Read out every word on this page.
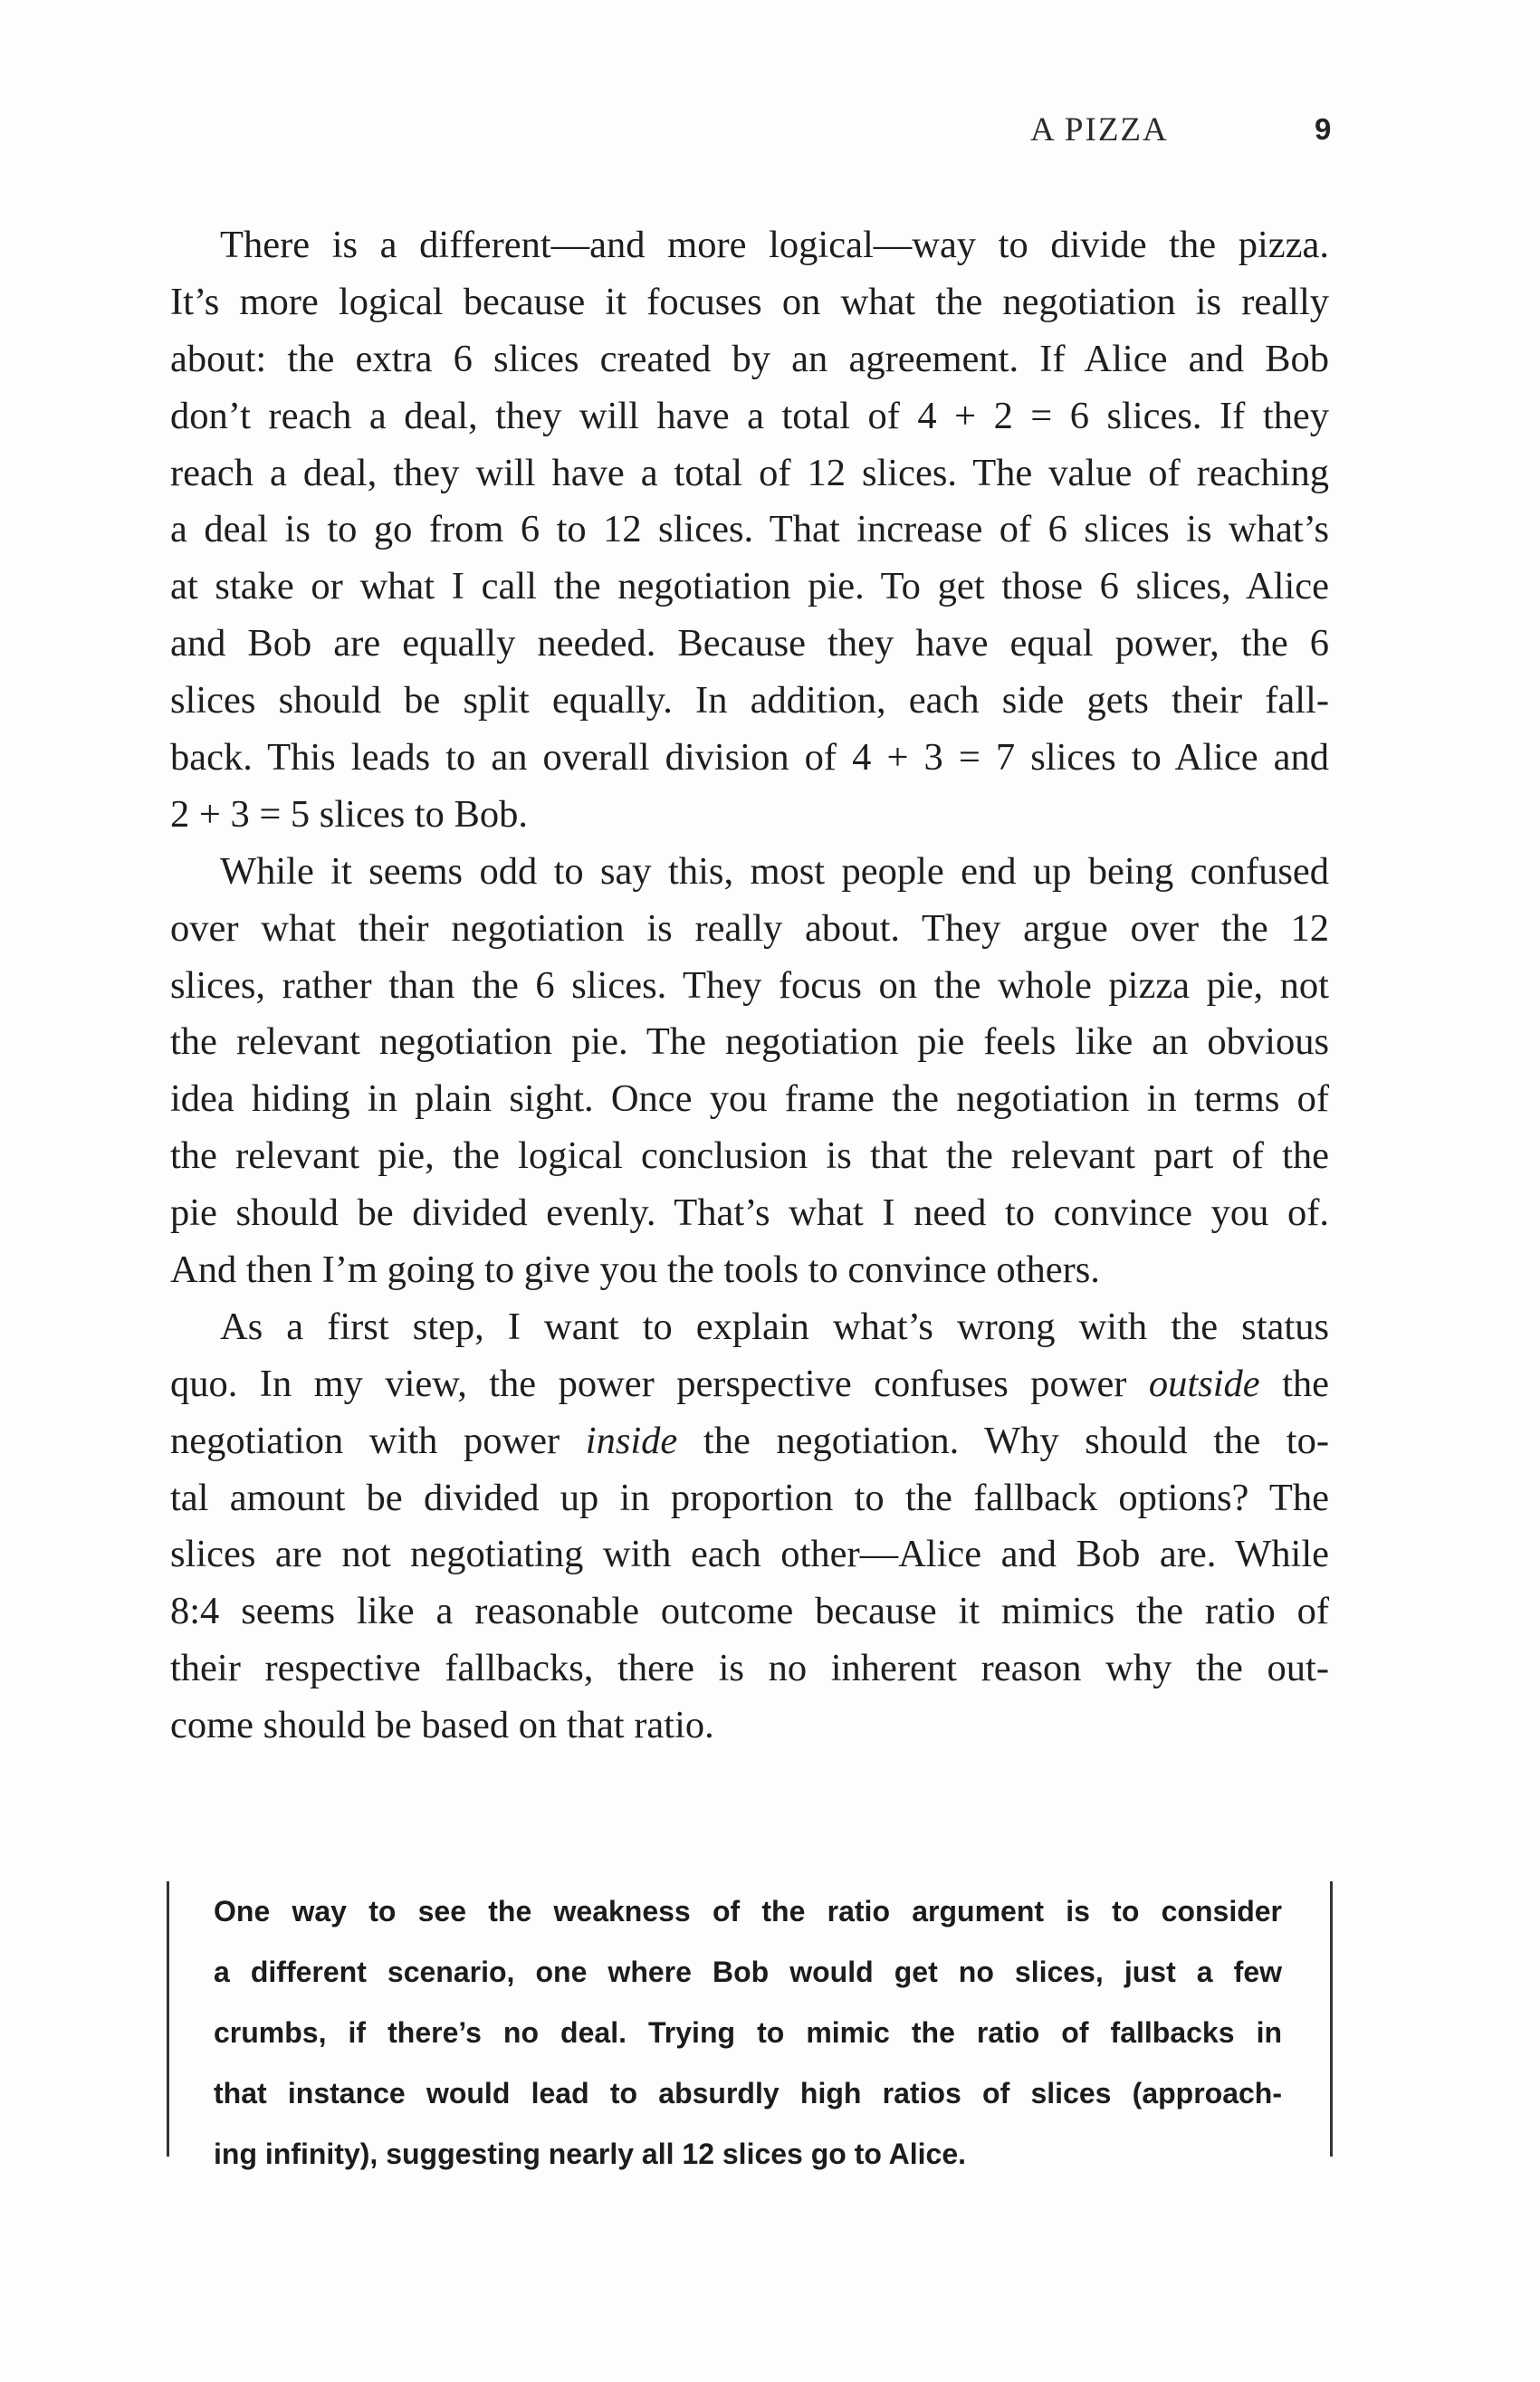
A PIZZA	9
There is a different—and more logical—way to divide the pizza.
It’s more logical because it focuses on what the negotiation is really
about: the extra 6 slices created by an agreement. If Alice and Bob
don’t reach a deal, they will have a total of 4 + 2 = 6 slices. If they
reach a deal, they will have a total of 12 slices. The value of reaching
a deal is to go from 6 to 12 slices. That increase of 6 slices is what’s
at stake or what I call the negotiation pie. To get those 6 slices, Alice
and Bob are equally needed. Because they have equal power, the 6
slices should be split equally. In addition, each side gets their fall-
back. This leads to an overall division of 4 + 3 = 7 slices to Alice and
2 + 3 = 5 slices to Bob.
While it seems odd to say this, most people end up being confused
over what their negotiation is really about. They argue over the 12
slices, rather than the 6 slices. They focus on the whole pizza pie, not
the relevant negotiation pie. The negotiation pie feels like an obvious
idea hiding in plain sight. Once you frame the negotiation in terms of
the relevant pie, the logical conclusion is that the relevant part of the
pie should be divided evenly. That’s what I need to convince you of.
And then I’m going to give you the tools to convince others.
As a first step, I want to explain what’s wrong with the status
quo. In my view, the power perspective confuses power outside the
negotiation with power inside the negotiation. Why should the to-
tal amount be divided up in proportion to the fallback options? The
slices are not negotiating with each other—Alice and Bob are. While
8:4 seems like a reasonable outcome because it mimics the ratio of
their respective fallbacks, there is no inherent reason why the out-
come should be based on that ratio.
One way to see the weakness of the ratio argument is to consider
a different scenario, one where Bob would get no slices, just a few
crumbs, if there’s no deal. Trying to mimic the ratio of fallbacks in
that instance would lead to absurdly high ratios of slices (approach-
ing infinity), suggesting nearly all 12 slices go to Alice.
